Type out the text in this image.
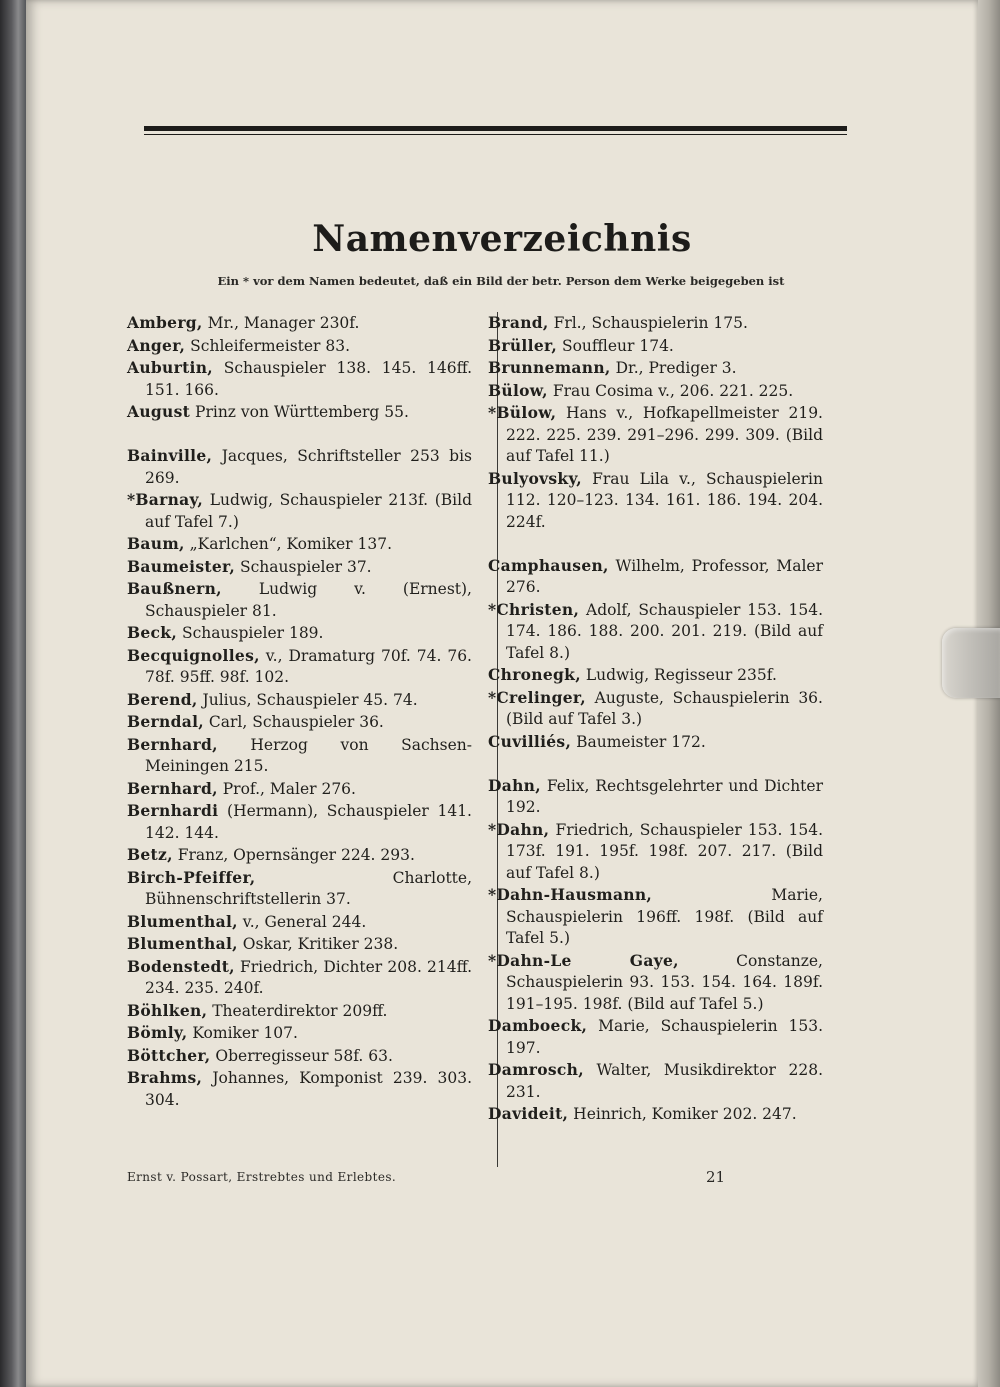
Namenverzeichnis
Ein * vor dem Namen bedeutet, daß ein Bild der betr. Person dem Werke beigegeben ist

Amberg, Mr., Manager 230f.

Anger, Schleifermeister 83.

Auburtin, Schauspieler 138. 145. 146ff. 151. 166.

August Prinz von Württemberg 55.

Bainville, Jacques, Schriftsteller 253 bis 269.

*Barnay, Ludwig, Schauspieler 213f. (Bild auf Tafel 7.)

Baum, „Karlchen“, Komiker 137.

Baumeister, Schauspieler 37.

Baußnern, Ludwig v. (Ernest), Schauspieler 81.

Beck, Schauspieler 189.

Becquignolles, v., Dramaturg 70f. 74. 76. 78f. 95ff. 98f. 102.

Berend, Julius, Schauspieler 45. 74.

Berndal, Carl, Schauspieler 36.

Bernhard, Herzog von Sachsen-Meiningen 215.

Bernhard, Prof., Maler 276.

Bernhardi (Hermann), Schauspieler 141. 142. 144.

Betz, Franz, Opernsänger 224. 293.

Birch-Pfeiffer,	Charlotte, Bühnenschriftstellerin 37.

Blumenthal, v., General 244.

Blumenthal, Oskar, Kritiker 238.

Bodenstedt, Friedrich, Dichter 208. 214ff. 234. 235. 240f.

Böhlken, Theaterdirektor 209ff.

Bömly, Komiker 107.

Böttcher, Oberregisseur 58f. 63.

Brahms, Johannes, Komponist 239. 303. 304.

Brand, Frl., Schauspielerin 175.

Brüller, Souffleur 174.

Brunnemann, Dr., Prediger 3.

Bülow, Frau Cosima v., 206. 221. 225.

*Bülow, Hans v., Hofkapellmeister 219. 222. 225. 239. 291–296. 299. 309. (Bild auf Tafel 11.)

Bulyovsky, Frau Lila v., Schauspielerin 112. 120–123. 134. 161. 186. 194. 204. 224f.

Camphausen, Wilhelm, Professor, Maler 276.

*Christen, Adolf, Schauspieler 153. 154. 174. 186. 188. 200. 201. 219. (Bild auf Tafel 8.)

Chronegk, Ludwig, Regisseur 235f.

*Crelinger, Auguste, Schauspielerin 36. (Bild auf Tafel 3.)

Cuvilliés, Baumeister 172.

Dahn, Felix, Rechtsgelehrter und Dichter 192.

*Dahn, Friedrich, Schauspieler 153. 154. 173f. 191. 195f. 198f. 207. 217. (Bild auf Tafel 8.)

*Dahn-Hausmann,	Marie, Schauspielerin 196ff. 198f. (Bild auf Tafel 5.)

*Dahn-Le Gaye,	Constanze, Schauspielerin 93. 153. 154. 164. 189f. 191–195. 198f. (Bild auf Tafel 5.)

Damboeck, Marie, Schauspielerin 153. 197.

Damrosch, Walter, Musikdirektor 228. 231.

Davideit, Heinrich, Komiker 202. 247.

Ernst v. Possart, Erstrebtes und Erlebtes.	21
